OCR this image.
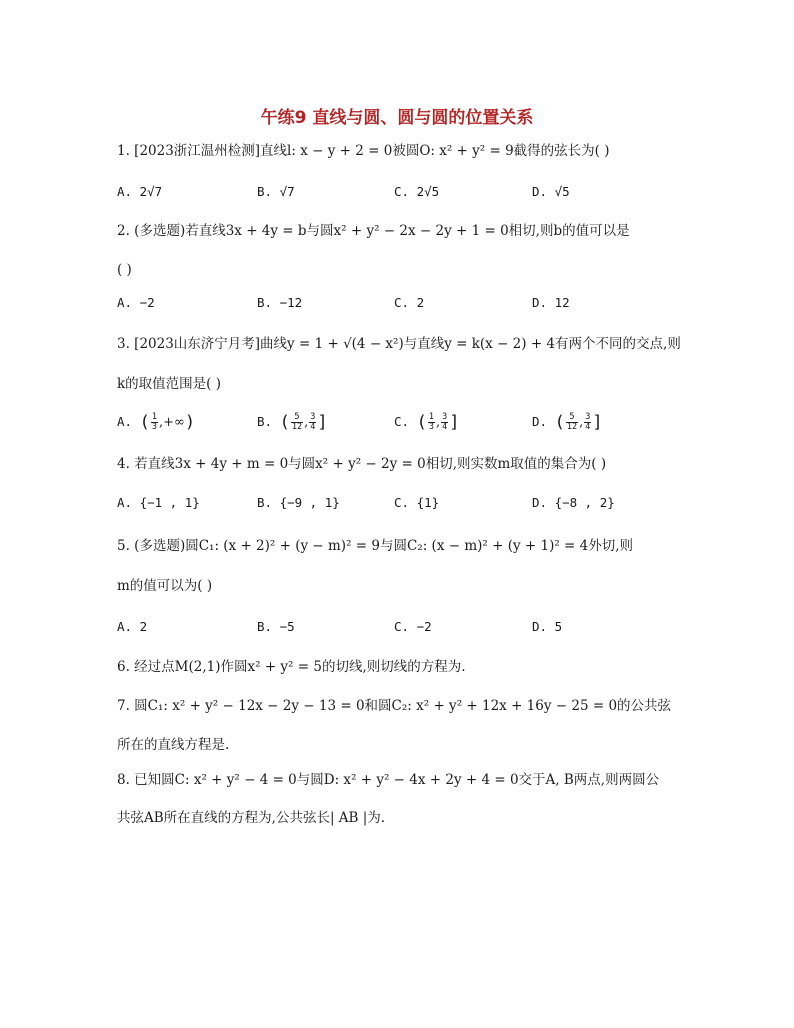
午练9 直线与圆、圆与圆的位置关系
1. [2023浙江温州检测]直线l: x − y + 2 = 0被圆O: x² + y² = 9截得的弦长为( )
A. 2√7	B. √7	C. 2√5	D. √5
2. (多选题)若直线3x + 4y = b与圆x² + y² − 2x − 2y + 1 = 0相切,则b的值可以是
( )
A. −2	B. −12	C. 2	D. 12
3. [2023山东济宁月考]曲线y = 1 + √(4 − x²)与直线y = k(x − 2) + 4有两个不同的交点,则
k的取值范围是( )
A. ( $\frac{1}{3}$ ,+∞)	B. ( $\frac{5}{12}$ , $\frac{3}{4}$ ]	C. ( $\frac{1}{3}$ , $\frac{3}{4}$ ]	D. ( $\frac{5}{12}$ , $\frac{3}{4}$ ]
4. 若直线3x + 4y + m = 0与圆x² + y² − 2y = 0相切,则实数m取值的集合为( )
A. {−1 , 1}	B. {−9 , 1}	C. {1}	D. {−8 , 2}
5. (多选题)圆C₁: (x + 2)² + (y − m)² = 9与圆C₂: (x − m)² + (y + 1)² = 4外切,则
m的值可以为( )
A. 2	B. −5	C. −2	D. 5
6. 经过点M(2,1)作圆x² + y² = 5的切线,则切线的方程为.
7. 圆C₁: x² + y² − 12x − 2y − 13 = 0和圆C₂: x² + y² + 12x + 16y − 25 = 0的公共弦
所在的直线方程是.
8. 已知圆C: x² + y² − 4 = 0与圆D: x² + y² − 4x + 2y + 4 = 0交于A, B两点,则两圆公
共弦AB所在直线的方程为,公共弦长| AB |为.
